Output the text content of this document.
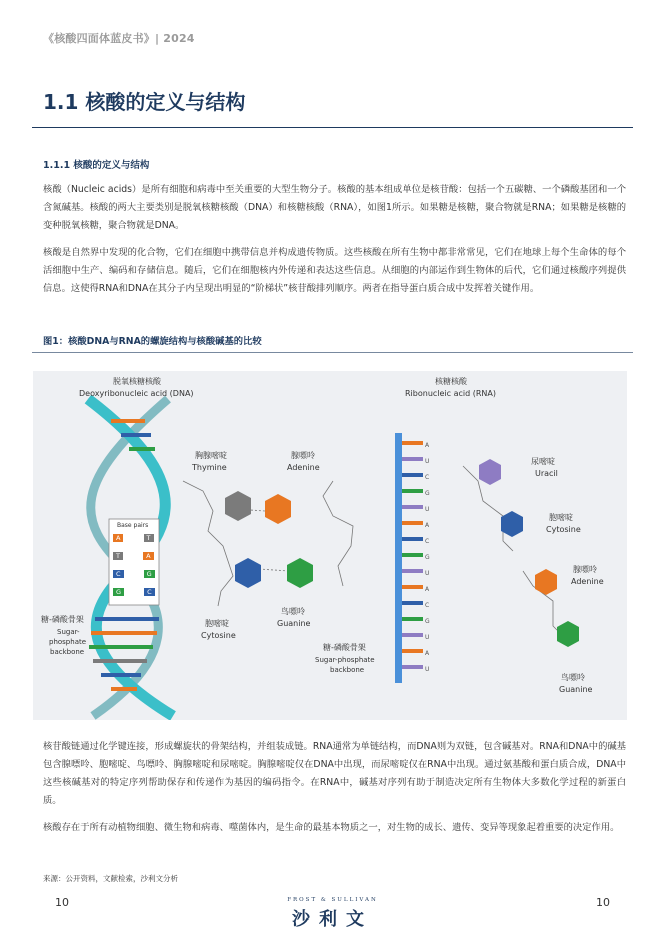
《核酸四面体蓝皮书》| 2024
1.1 核酸的定义与结构
1.1.1 核酸的定义与结构
核酸（Nucleic acids）是所有细胞和病毒中至关重要的大型生物分子。核酸的基本组成单位是核苷酸：包括一个五碳糖、一个磷酸基团和一个含氮碱基。核酸的两大主要类别是脱氧核糖核酸（DNA）和核糖核酸（RNA），如图1所示。如果糖是核糖，聚合物就是RNA；如果糖是核糖的变种脱氧核糖，聚合物就是DNA。
核酸是自然界中发现的化合物，它们在细胞中携带信息并构成遗传物质。这些核酸在所有生物中都非常常见，它们在地球上每个生命体的每个活细胞中生产、编码和存储信息。随后，它们在细胞核内外传递和表达这些信息。从细胞的内部运作到生物体的后代，它们通过核酸序列提供信息。这使得RNA和DNA在其分子内呈现出明显的“阶梯状”核苷酸排列顺序。两者在指导蛋白质合成中发挥着关键作用。
图1：核酸DNA与RNA的螺旋结构与核酸碱基的比较
脱氧核糖核酸
Deoxyribonucleic acid (DNA)
核糖核酸
Ribonucleic acid (RNA)
Base pairs
A	T
T	A
C	G
G	C
胸腺嘧啶
Thymine
腺嘌呤
Adenine
胞嘧啶
Cytosine
鸟嘌呤
Guanine
糖-磷酸骨架
Sugar-
phosphate
backbone	糖-磷酸骨架
Sugar-phosphate
backbone
尿嘧啶
Uracil
胞嘧啶
Cytosine
腺嘌呤
Adenine
鸟嘌呤
Guanine
A
U
C
G
U
A
C
G
U
A
C
G
U
A
U
核苷酸链通过化学键连接，形成螺旋状的骨架结构，并组装成链。RNA通常为单链结构，而DNA则为双链，包含碱基对。RNA和DNA中的碱基包含腺嘌呤、胞嘧啶、鸟嘌呤、胸腺嘧啶和尿嘧啶。胸腺嘧啶仅在DNA中出现，而尿嘧啶仅在RNA中出现。通过氨基酸和蛋白质合成，DNA中这些核碱基对的特定序列帮助保存和传递作为基因的编码指令。在RNA中，碱基对序列有助于制造决定所有生物体大多数化学过程的新蛋白质。
核酸存在于所有动植物细胞、微生物和病毒、噬菌体内，是生命的最基本物质之一，对生物的成长、遗传、变异等现象起着重要的决定作用。
来源：公开资料，文献检索，沙利文分析
10	10
FROST & SULLIVAN
沙利文
